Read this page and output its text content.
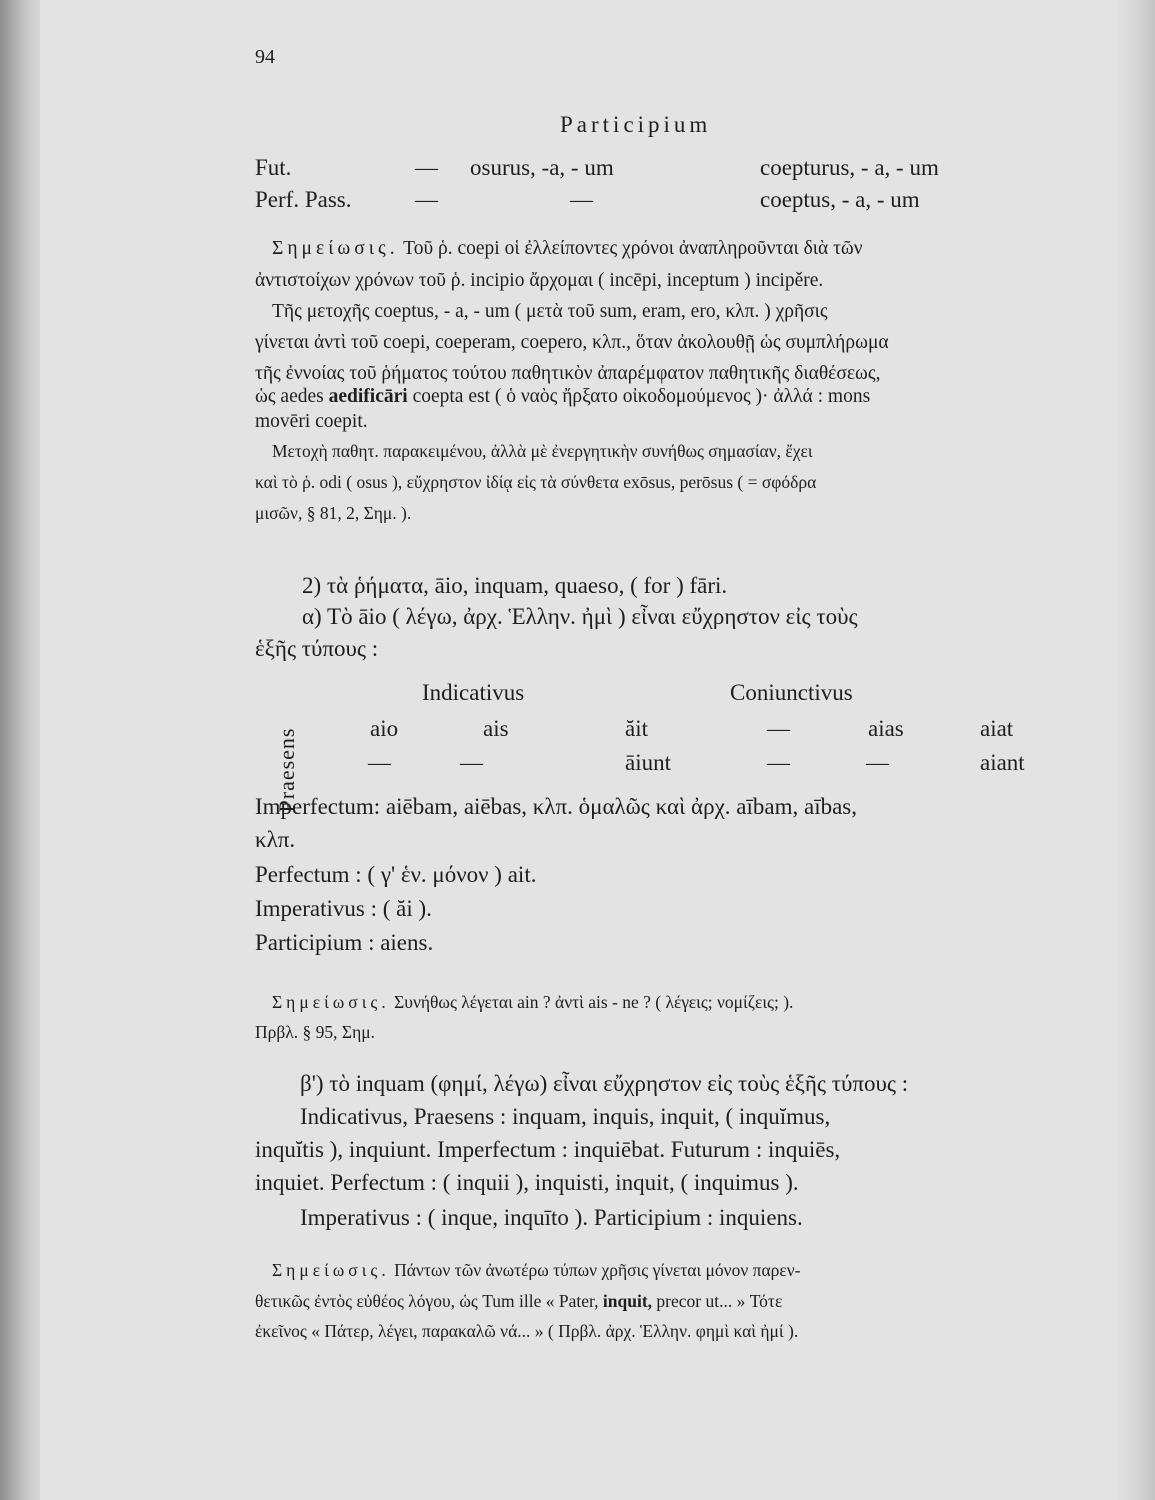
94
Participium
Fut.	— osurus, -a, - um	coepturus, - a, - um
Perf. Pass.	—	—	coeptus, - a, - um
Σημείωσις. Τοῦ ῥ. coepi οἱ ἐλλείποντες χρόνοι ἀναπληροῦνται διὰ τῶν
ἀντιστοίχων χρόνων τοῦ ῥ. incipio ἄρχομαι ( incēpi, inceptum ) incipěre.
Τῆς μετοχῆς coeptus, - a, - um ( μετὰ τοῦ sum, eram, ero, κλπ. ) χρῆσις
γίνεται ἀντὶ τοῦ coepi, coeperam, coepero, κλπ., ὅταν ἀκολουθῇ ὡς συμπλήρωμα
τῆς ἐννοίας τοῦ ῥήματος τούτου παθητικὸν ἀπαρέμφατον παθητικῆς διαθέσεως,
ὡς aedes aedificāri coepta est ( ὁ ναὸς ἤρξατο οἰκοδομούμενος )· ἀλλά : mons
movēri coepit.
Μετοχὴ παθητ. παρακειμένου, ἀλλὰ μὲ ἐνεργητικὴν συνήθως σημασίαν, ἔχει
καὶ τὸ ῥ. odi ( osus ), εὔχρηστον ἰδίᾳ εἰς τὰ σύνθετα exōsus, perōsus ( = σφόδρα
μισῶν, § 81, 2, Σημ. ).
2) τὰ ῥήματα, āio, inquam, quaeso, ( for ) fāri.
α) Τὸ āio ( λέγω, ἀρχ. Ἑλλην. ἠμὶ ) εἶναι εὔχρηστον εἰς τοὺς
ἑξῆς τύπους :
Praesens
Indicativus	Coniunctivus
aio	ais	ăit	—	aias	aiat
—	—	āiunt	—	—	aiant
Imperfectum: aiēbam, aiēbas, κλπ. ὁμαλῶς καὶ ἀρχ. aībam, aības,
κλπ.
Perfectum : ( γ' ἑν. μόνον ) ait.
Imperativus : ( ăi ).
Participium : aiens.
Σημείωσις. Συνήθως λέγεται ain ? ἀντὶ ais - ne ? ( λέγεις; νομίζεις; ).
Πρβλ. § 95, Σημ.
β') τὸ inquam (φημί, λέγω) εἶναι εὔχρηστον εἰς τοὺς ἑξῆς τύπους :
Indicativus, Praesens : inquam, inquis, inquit, ( inquĭmus,
inquĭtis ), inquiunt. Imperfectum : inquiēbat. Futurum : inquiēs,
inquiet. Perfectum : ( inquii ), inquisti, inquit, ( inquimus ).
Imperativus : ( inque, inquīto ). Participium : inquiens.
Σημείωσις. Πάντων τῶν ἀνωτέρω τύπων χρῆσις γίνεται μόνον παρεν-
θετικῶς ἐντὸς εὐθέος λόγου, ὡς Tum ille « Pater, inquit, precor ut... » Τότε
ἐκεῖνος « Πάτερ, λέγει, παρακαλῶ νά... » ( Πρβλ. ἀρχ. Ἑλλην. φημὶ καὶ ἠμί ).
